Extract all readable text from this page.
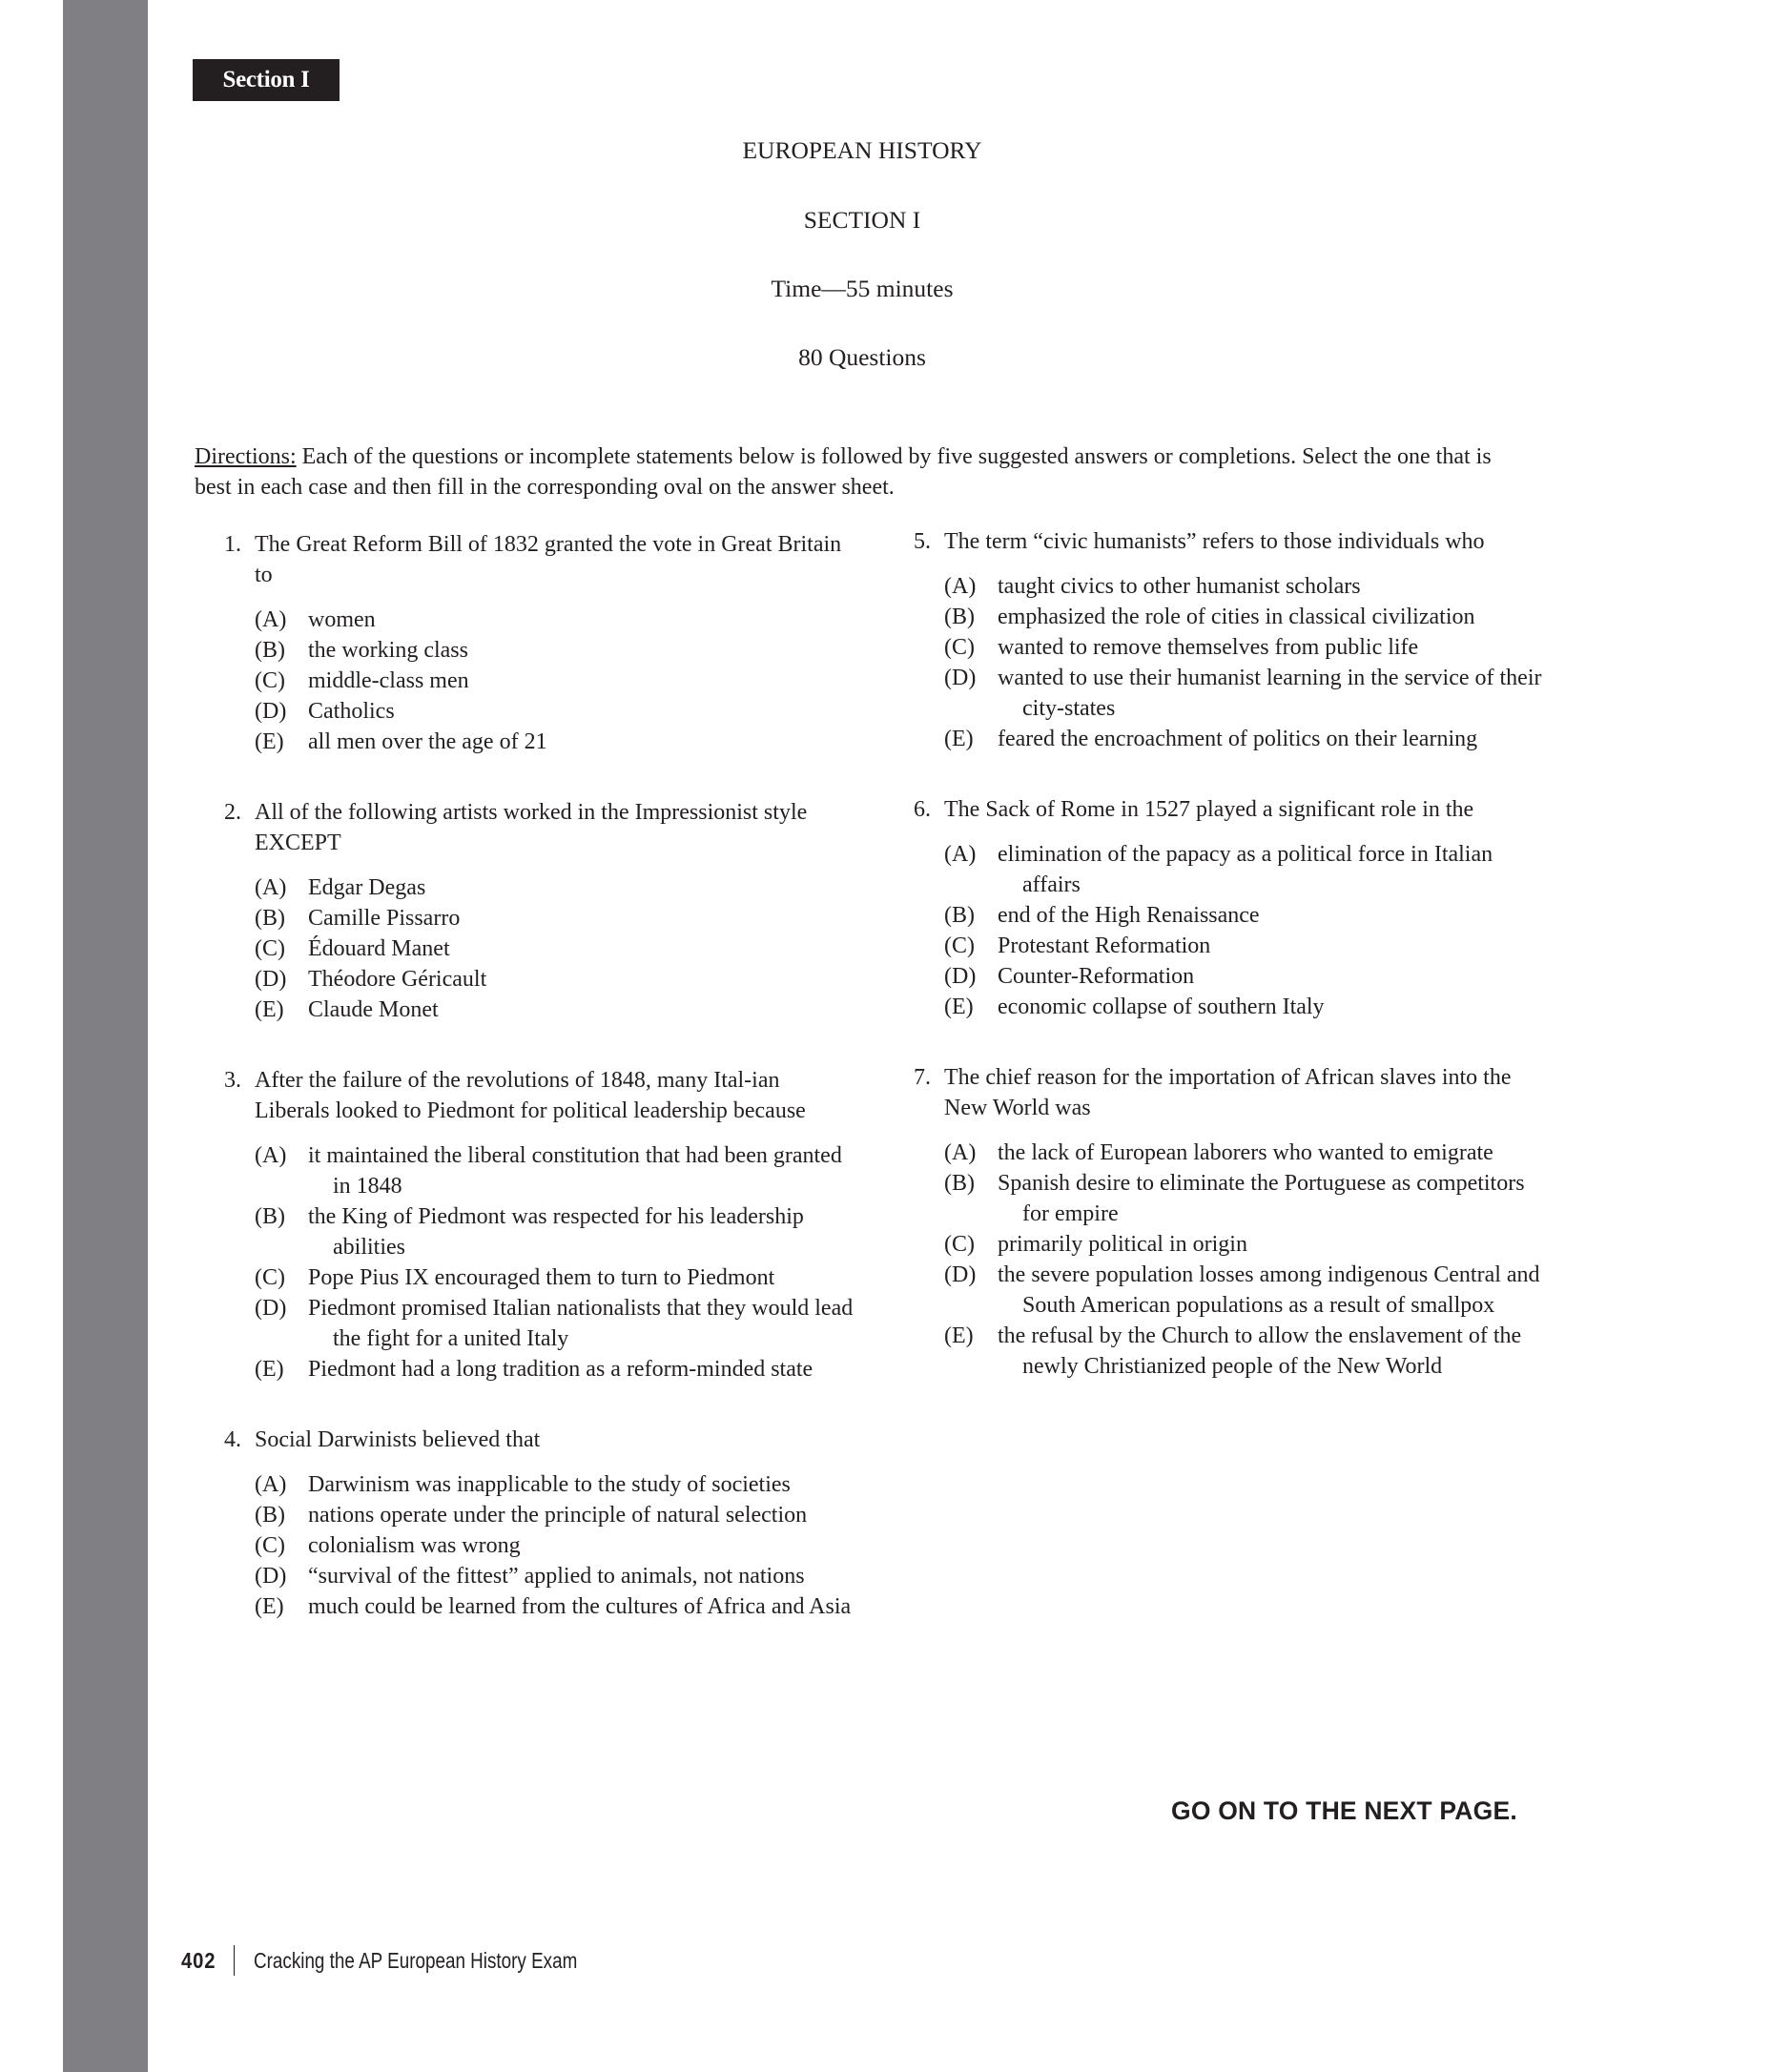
Section I
EUROPEAN HISTORY
SECTION I
Time—55 minutes
80 Questions
Directions: Each of the questions or incomplete statements below is followed by five suggested answers or completions. Select the one that is best in each case and then fill in the corresponding oval on the answer sheet.
1. The Great Reform Bill of 1832 granted the vote in Great Britain to
(A) women
(B) the working class
(C) middle-class men
(D) Catholics
(E) all men over the age of 21
2. All of the following artists worked in the Impressionist style EXCEPT
(A) Edgar Degas
(B) Camille Pissarro
(C) Édouard Manet
(D) Théodore Géricault
(E) Claude Monet
3. After the failure of the revolutions of 1848, many Ital-ian Liberals looked to Piedmont for political leadership because
(A) it maintained the liberal constitution that had been granted in 1848
(B) the King of Piedmont was respected for his leadership abilities
(C) Pope Pius IX encouraged them to turn to Piedmont
(D) Piedmont promised Italian nationalists that they would lead the fight for a united Italy
(E) Piedmont had a long tradition as a reform-minded state
4. Social Darwinists believed that
(A) Darwinism was inapplicable to the study of societies
(B) nations operate under the principle of natural selection
(C) colonialism was wrong
(D) “survival of the fittest” applied to animals, not nations
(E) much could be learned from the cultures of Africa and Asia
5. The term “civic humanists” refers to those individuals who
(A) taught civics to other humanist scholars
(B) emphasized the role of cities in classical civilization
(C) wanted to remove themselves from public life
(D) wanted to use their humanist learning in the service of their city-states
(E) feared the encroachment of politics on their learning
6. The Sack of Rome in 1527 played a significant role in the
(A) elimination of the papacy as a political force in Italian affairs
(B) end of the High Renaissance
(C) Protestant Reformation
(D) Counter-Reformation
(E) economic collapse of southern Italy
7. The chief reason for the importation of African slaves into the New World was
(A) the lack of European laborers who wanted to emigrate
(B) Spanish desire to eliminate the Portuguese as competitors for empire
(C) primarily political in origin
(D) the severe population losses among indigenous Central and South American populations as a result of smallpox
(E) the refusal by the Church to allow the enslavement of the newly Christianized people of the New World
GO ON TO THE NEXT PAGE.
402 Cracking the AP European History Exam
